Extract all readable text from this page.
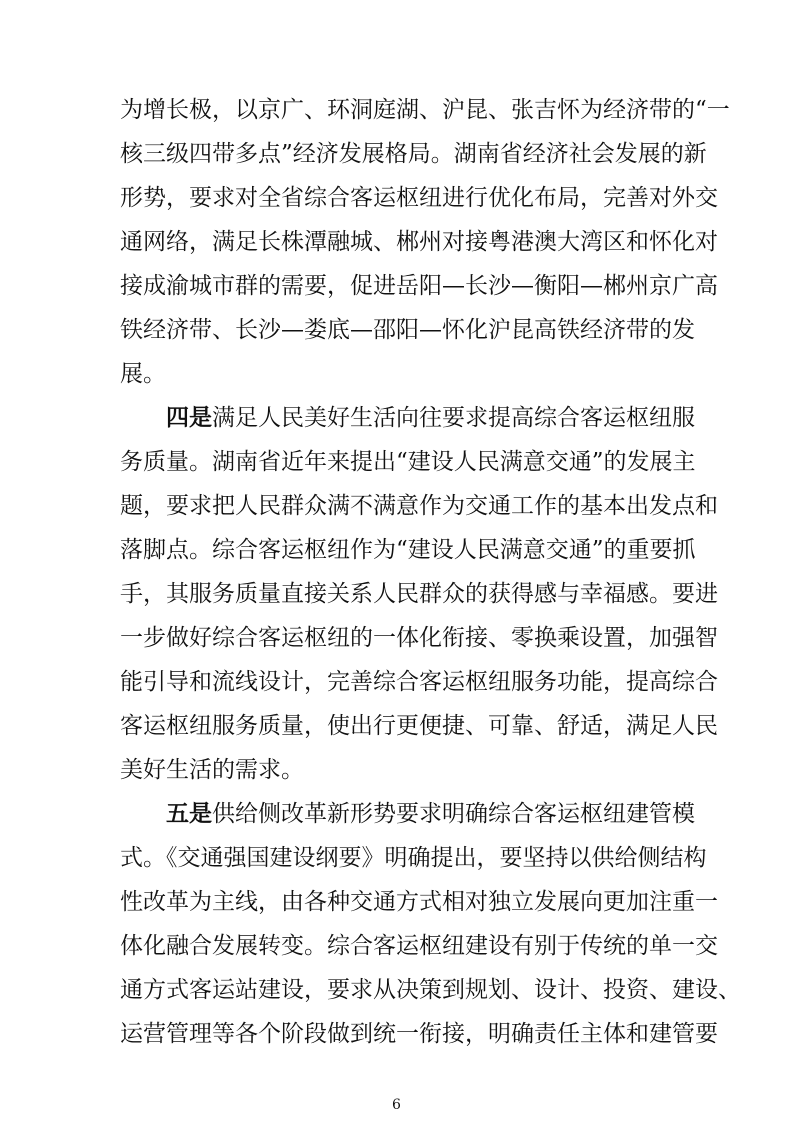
为增长极，以京广、环洞庭湖、沪昆、张吉怀为经济带的“一
核三级四带多点”经济发展格局。湖南省经济社会发展的新
形势，要求对全省综合客运枢纽进行优化布局，完善对外交
通网络，满足长株潭融城、郴州对接粤港澳大湾区和怀化对
接成渝城市群的需要，促进岳阳—长沙—衡阳—郴州京广高
铁经济带、长沙—娄底—邵阳—怀化沪昆高铁经济带的发
展。
四是满足人民美好生活向往要求提高综合客运枢纽服
务质量。湖南省近年来提出“建设人民满意交通”的发展主
题，要求把人民群众满不满意作为交通工作的基本出发点和
落脚点。综合客运枢纽作为“建设人民满意交通”的重要抓
手，其服务质量直接关系人民群众的获得感与幸福感。要进
一步做好综合客运枢纽的一体化衔接、零换乘设置，加强智
能引导和流线设计，完善综合客运枢纽服务功能，提高综合
客运枢纽服务质量，使出行更便捷、可靠、舒适，满足人民
美好生活的需求。
五是供给侧改革新形势要求明确综合客运枢纽建管模
式。《交通强国建设纲要》明确提出，要坚持以供给侧结构
性改革为主线，由各种交通方式相对独立发展向更加注重一
体化融合发展转变。综合客运枢纽建设有别于传统的单一交
通方式客运站建设，要求从决策到规划、设计、投资、建设、
运营管理等各个阶段做到统一衔接，明确责任主体和建管要
6
